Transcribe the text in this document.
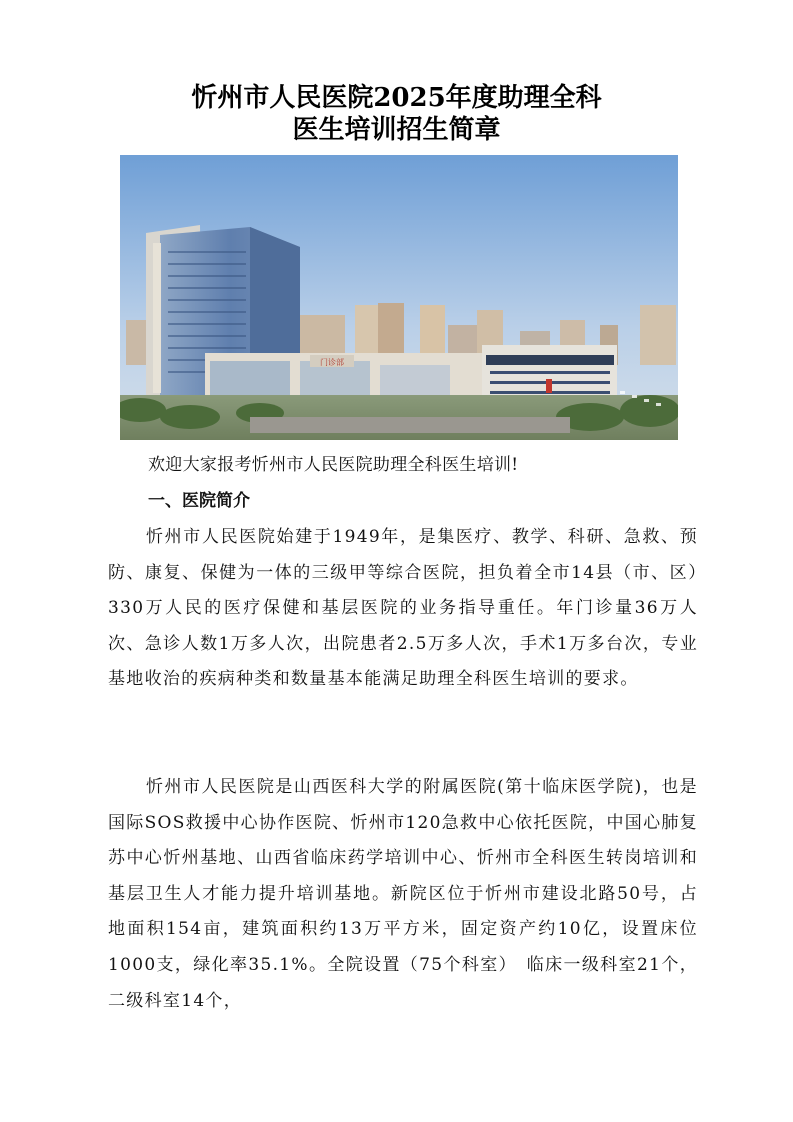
忻州市人民医院2025年度助理全科
医生培训招生简章
门诊部
欢迎大家报考忻州市人民医院助理全科医生培训!
一、医院简介

忻州市人民医院始建于1949年，是集医疗、教学、科研、急救、预防、康复、保健为一体的三级甲等综合医院，担负着全市14县（市、区）330万人民的医疗保健和基层医院的业务指导重任。年门诊量36万人次、急诊人数1万多人次，出院患者2.5万多人次，手术1万多台次，专业基地收治的疾病种类和数量基本能满足助理全科医生培训的要求。

忻州市人民医院是山西医科大学的附属医院(第十临床医学院)，也是国际SOS救援中心协作医院、忻州市120急救中心依托医院，中国心肺复苏中心忻州基地、山西省临床药学培训中心、忻州市全科医生转岗培训和基层卫生人才能力提升培训基地。新院区位于忻州市建设北路50号，占地面积154亩，建筑面积约13万平方米，固定资产约10亿，设置床位1000支，绿化率35.1%。全院设置（75个科室）　临床一级科室21个，二级科室14个，
